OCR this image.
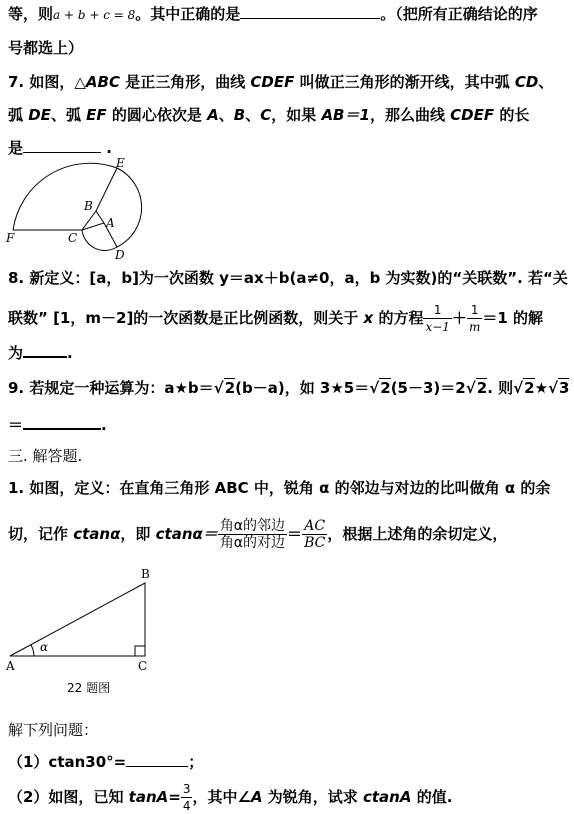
等，则a + b + c = 8。其中正确的是	。（把所有正确结论的序
号都选上）
7. 如图，△ABC 是正三角形，曲线 CDEF 叫做正三角形的渐开线，其中弧 CD、
弧 DE、弧 EF 的圆心依次是 A、B、C，如果 AB＝1，那么曲线 CDEF 的长
是	.
E
B
A
F	C
D
8. 新定义：[a，b]为一次函数 y＝ax＋b(a≠0，a，b 为实数)的“关联数”. 若“关
联数” [1，m－2]的一次函数是正比例函数，则关于 x 的方程 $\frac{1}{x-1} + \frac{1}{m} =1$ 的解
为	.
9. 若规定一种运算为：a★b＝√2(b－a)，如 3★5＝√2(5－3)＝2√2. 则√2★√3
＝	.
三. 解答题.
1. 如图，定义：在直角三角形 ABC 中，锐角 α 的邻边与对边的比叫做角 α 的余
切，记作 ctanα，即 $ctan\alpha= \frac{\text{角α的邻边}}{\text{角α的对边}} = \frac{AC}{BC}$ ，根据上述角的余切定义，
B
A	C
α
22 题图
解下列问题：
（1）ctan30°=	；
（2）如图，已知 $\tan A= \frac{3}{4}$ ，其中∠A 为锐角，试求 ctanA 的值.
